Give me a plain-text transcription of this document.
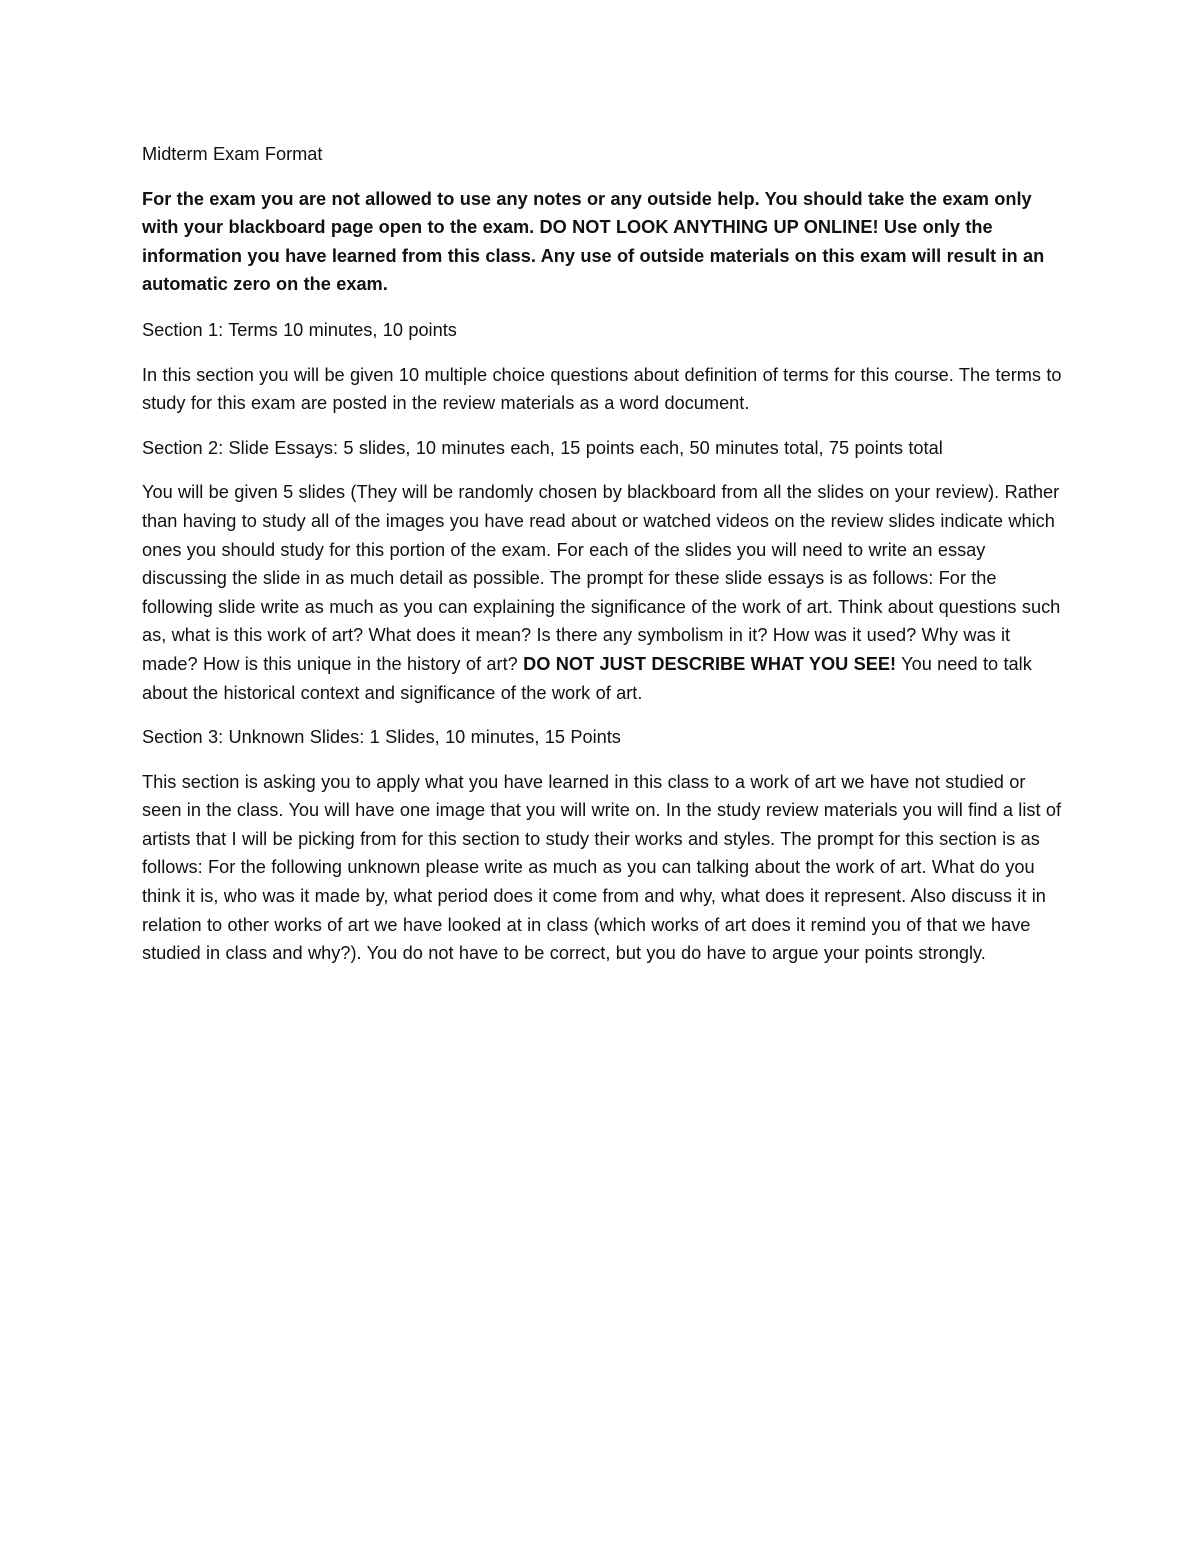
Midterm Exam Format

For the exam you are not allowed to use any notes or any outside help. You should take the exam only with your blackboard page open to the exam. DO NOT LOOK ANYTHING UP ONLINE! Use only the information you have learned from this class. Any use of outside materials on this exam will result in an automatic zero on the exam.

Section 1: Terms 10 minutes, 10 points

In this section you will be given 10 multiple choice questions about definition of terms for this course. The terms to study for this exam are posted in the review materials as a word document.

Section 2: Slide Essays: 5 slides, 10 minutes each, 15 points each, 50 minutes total, 75 points total

You will be given 5 slides (They will be randomly chosen by blackboard from all the slides on your review). Rather than having to study all of the images you have read about or watched videos on the review slides indicate which ones you should study for this portion of the exam. For each of the slides you will need to write an essay discussing the slide in as much detail as possible. The prompt for these slide essays is as follows: For the following slide write as much as you can explaining the significance of the work of art. Think about questions such as, what is this work of art? What does it mean? Is there any symbolism in it? How was it used? Why was it made? How is this unique in the history of art? DO NOT JUST DESCRIBE WHAT YOU SEE! You need to talk about the historical context and significance of the work of art.

Section 3: Unknown Slides: 1 Slides, 10 minutes, 15 Points

This section is asking you to apply what you have learned in this class to a work of art we have not studied or seen in the class. You will have one image that you will write on. In the study review materials you will find a list of artists that I will be picking from for this section to study their works and styles. The prompt for this section is as follows: For the following unknown please write as much as you can talking about the work of art. What do you think it is, who was it made by, what period does it come from and why, what does it represent. Also discuss it in relation to other works of art we have looked at in class (which works of art does it remind you of that we have studied in class and why?). You do not have to be correct, but you do have to argue your points strongly.
